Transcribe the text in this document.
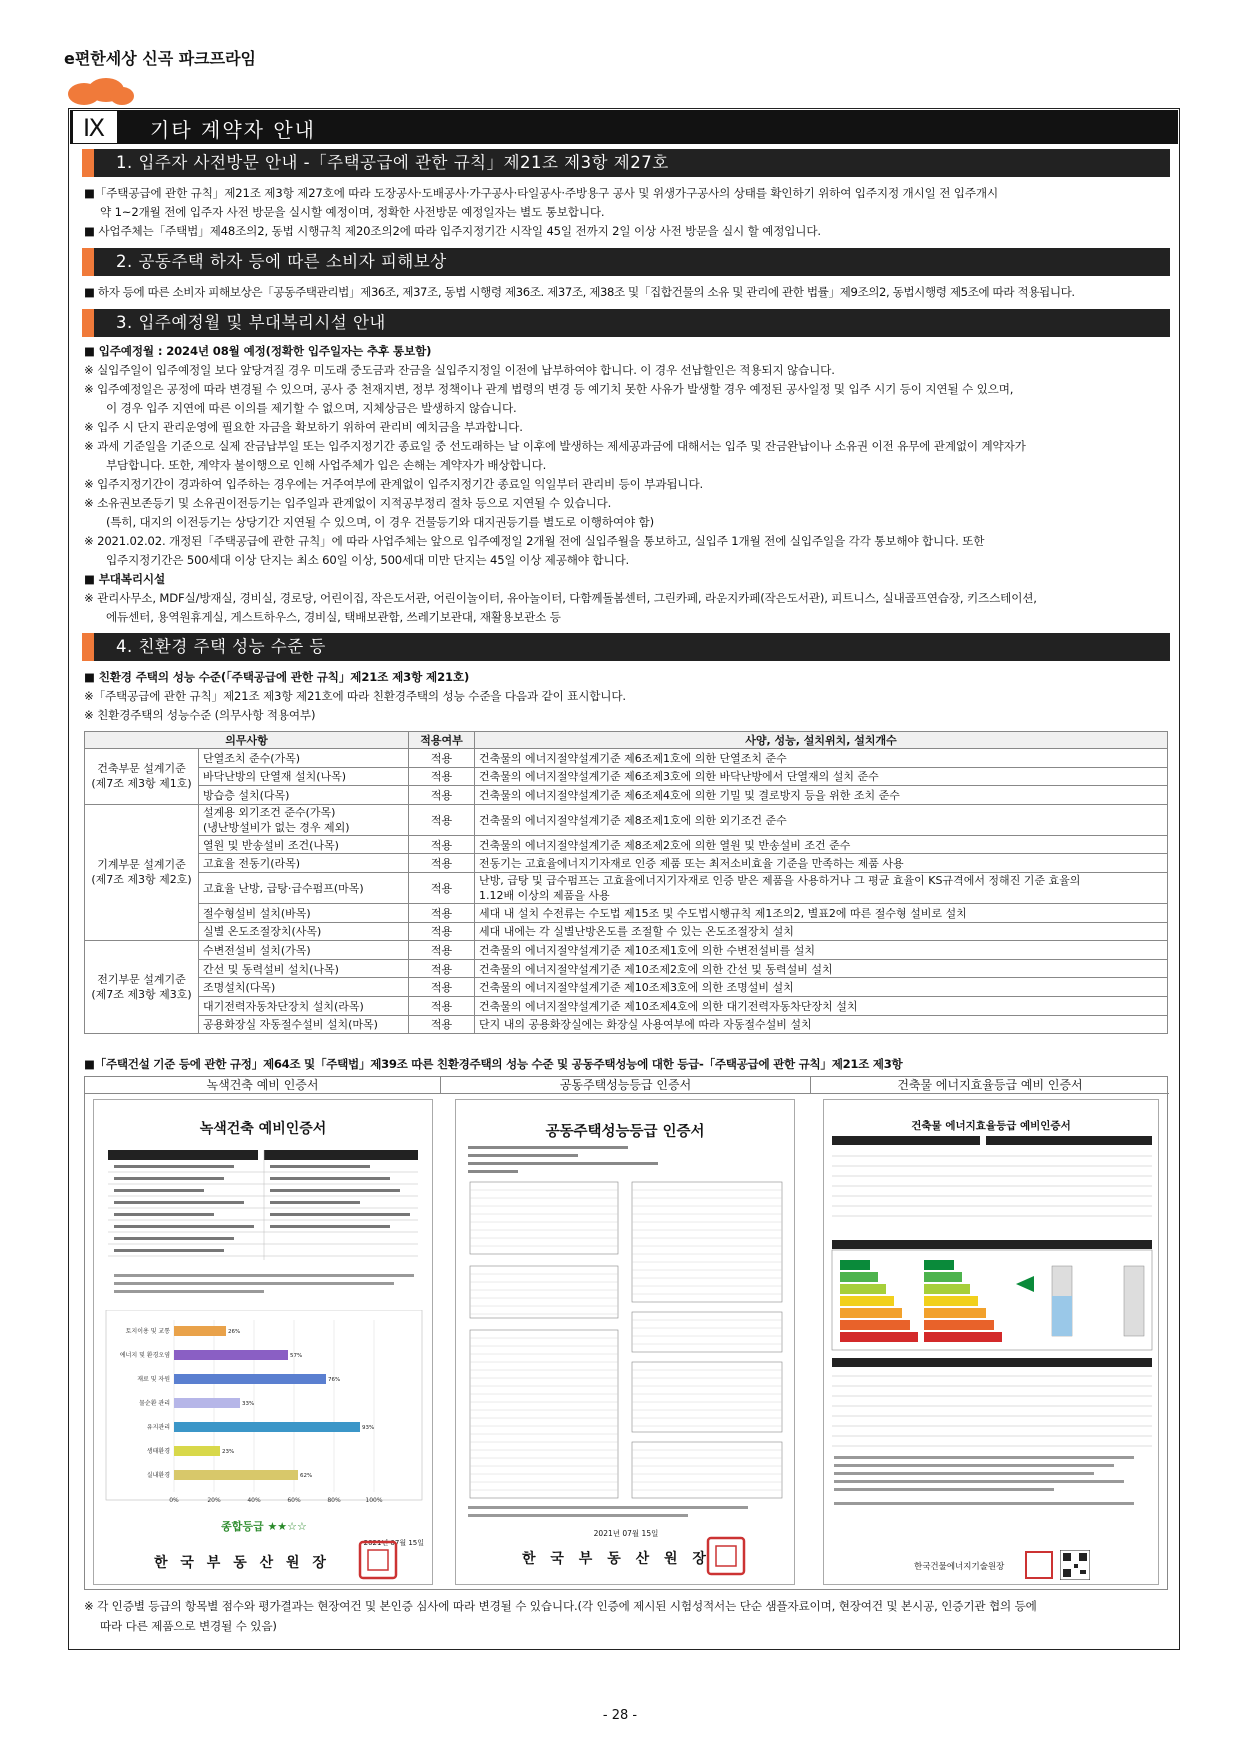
e편한세상 신곡 파크프라임
Ⅸ	기타 계약자 안내
1. 입주자 사전방문 안내 -「주택공급에 관한 규칙」제21조 제3항 제27호
■「주택공급에 관한 규칙」제21조 제3항 제27호에 따라 도장공사·도배공사·가구공사·타일공사·주방용구 공사 및 위생가구공사의 상태를 확인하기 위하여 입주지정 개시일 전 입주개시
약 1~2개월 전에 입주자 사전 방문을 실시할 예정이며, 정확한 사전방문 예정일자는 별도 통보합니다.
■ 사업주체는「주택법」제48조의2, 동법 시행규칙 제20조의2에 따라 입주지정기간 시작일 45일 전까지 2일 이상 사전 방문을 실시 할 예정입니다.
2. 공동주택 하자 등에 따른 소비자 피해보상
■ 하자 등에 따른 소비자 피해보상은「공동주택관리법」제36조, 제37조, 동법 시행령 제36조. 제37조, 제38조 및「집합건물의 소유 및 관리에 관한 법률」제9조의2, 동법시행령 제5조에 따라 적용됩니다.
3. 입주예정월 및 부대복리시설 안내
■ 입주예정월 : 2024년 08월 예정(정확한 입주일자는 추후 통보함)
※ 실입주일이 입주예정일 보다 앞당겨질 경우 미도래 중도금과 잔금을 실입주지정일 이전에 납부하여야 합니다. 이 경우 선납할인은 적용되지 않습니다.
※ 입주예정일은 공정에 따라 변경될 수 있으며, 공사 중 천재지변, 정부 정책이나 관계 법령의 변경 등 예기치 못한 사유가 발생할 경우 예정된 공사일정 및 입주 시기 등이 지연될 수 있으며,
이 경우 입주 지연에 따른 이의를 제기할 수 없으며, 지체상금은 발생하지 않습니다.
※ 입주 시 단지 관리운영에 필요한 자금을 확보하기 위하여 관리비 예치금을 부과합니다.
※ 과세 기준일을 기준으로 실제 잔금납부일 또는 입주지정기간 종료일 중 선도래하는 날 이후에 발생하는 제세공과금에 대해서는 입주 및 잔금완납이나 소유권 이전 유무에 관계없이 계약자가
부담합니다. 또한, 계약자 불이행으로 인해 사업주체가 입은 손해는 계약자가 배상합니다.
※ 입주지정기간이 경과하여 입주하는 경우에는 거주여부에 관계없이 입주지정기간 종료일 익일부터 관리비 등이 부과됩니다.
※ 소유권보존등기 및 소유권이전등기는 입주일과 관계없이 지적공부정리 절차 등으로 지연될 수 있습니다.
(특히, 대지의 이전등기는 상당기간 지연될 수 있으며, 이 경우 건물등기와 대지권등기를 별도로 이행하여야 함)
※ 2021.02.02. 개정된「주택공급에 관한 규칙」에 따라 사업주체는 앞으로 입주예정일 2개월 전에 실입주월을 통보하고, 실입주 1개월 전에 실입주일을 각각 통보해야 합니다. 또한
입주지정기간은 500세대 이상 단지는 최소 60일 이상, 500세대 미만 단지는 45일 이상 제공해야 합니다.
■ 부대복리시설
※ 관리사무소, MDF실/방재실, 경비실, 경로당, 어린이집, 작은도서관, 어린이놀이터, 유아놀이터, 다함께돌봄센터, 그린카페, 라운지카페(작은도서관), 피트니스, 실내골프연습장, 키즈스테이션,
에듀센터, 용역원휴게실, 게스트하우스, 경비실, 택배보관함, 쓰레기보관대, 재활용보관소 등
4. 친환경 주택 성능 수준 등
■ 친환경 주택의 성능 수준(「주택공급에 관한 규칙」제21조 제3항 제21호)
※「주택공급에 관한 규칙」제21조 제3항 제21호에 따라 친환경주택의 성능 수준을 다음과 같이 표시합니다.
※ 친환경주택의 성능수준 (의무사항 적용여부)
의무사항		적용여부	사양, 성능, 설치위치, 설치개수
건축부문 설계기준
(제7조 제3항 제1호)	단열조치 준수(가목)	적용	건축물의 에너지절약설계기준 제6조제1호에 의한 단열조치 준수
	바닥난방의 단열재 설치(나목)	적용	건축물의 에너지절약설계기준 제6조제3호에 의한 바닥난방에서 단열재의 설치 준수
	방습층 설치(다목)	적용	건축물의 에너지절약설계기준 제6조제4호에 의한 기밀 및 결로방지 등을 위한 조치 준수
기계부문 설계기준
(제7조 제3항 제2호)	설계용 외기조건 준수(가목)
(냉난방설비가 없는 경우 제외)	적용	건축물의 에너지절약설계기준 제8조제1호에 의한 외기조건 준수
	열원 및 반송설비 조건(나목)	적용	건축물의 에너지절약설계기준 제8조제2호에 의한 열원 및 반송설비 조건 준수
	고효율 전동기(라목)	적용	전동기는 고효율에너지기자재로 인증 제품 또는 최저소비효율 기준을 만족하는 제품 사용
	고효율 난방, 급탕·급수펌프(마목)	적용	난방, 급탕 및 급수펌프는 고효율에너지기자재로 인증 받은 제품을 사용하거나 그 평균 효율이 KS규격에서 정해진 기준 효율의
1.12배 이상의 제품을 사용
	절수형설비 설치(바목)	적용	세대 내 설치 수전류는 수도법 제15조 및 수도법시행규칙 제1조의2, 별표2에 따른 절수형 설비로 설치
	실별 온도조절장치(사목)	적용	세대 내에는 각 실별난방온도를 조절할 수 있는 온도조절장치 설치
전기부문 설계기준
(제7조 제3항 제3호)	수변전설비 설치(가목)	적용	건축물의 에너지절약설계기준 제10조제1호에 의한 수변전설비를 설치
	간선 및 동력설비 설치(나목)	적용	건축물의 에너지절약설계기준 제10조제2호에 의한 간선 및 동력설비 설치
	조명설치(다목)	적용	건축물의 에너지절약설계기준 제10조제3호에 의한 조명설비 설치
	대기전력자동차단장치 설치(라목)	적용	건축물의 에너지절약설계기준 제10조제4호에 의한 대기전력자동차단장치 설치
	공용화장실 자동절수설비 설치(마목)	적용	단지 내의 공용화장실에는 화장실 사용여부에 따라 자동절수설비 설치
■「주택건설 기준 등에 관한 규정」제64조 및「주택법」제39조 따른 친환경주택의 성능 수준 및 공동주택성능에 대한 등급-「주택공급에 관한 규칙」제21조 제3항
녹색건축 예비 인증서	공동주택성능등급 인증서	건축물 에너지효율등급 예비 인증서
녹색건축 예비인증서
0%	20%	40%	60%	80%	100%
토지이용 및 교통	26%
에너지 및 환경오염	57%
재료 및 자원	76%
물순환 관리	33%
유지관리	93%
생태환경	23%
실내환경	62%
종합등급 ★★☆☆
2021년 07월 15일
한 국 부 동 산 원 장
공동주택성능등급 인증서
2021년 07월 15일
한 국 부 동 산 원 장
건축물 에너지효율등급 예비인증서
한국건물에너지기술원장
※ 각 인증별 등급의 항목별 점수와 평가결과는 현장여건 및 본인증 심사에 따라 변경될 수 있습니다.(각 인증에 제시된 시험성적서는 단순 샘플자료이며, 현장여건 및 본시공, 인증기관 협의 등에
따라 다른 제품으로 변경될 수 있음)
- 28 -
